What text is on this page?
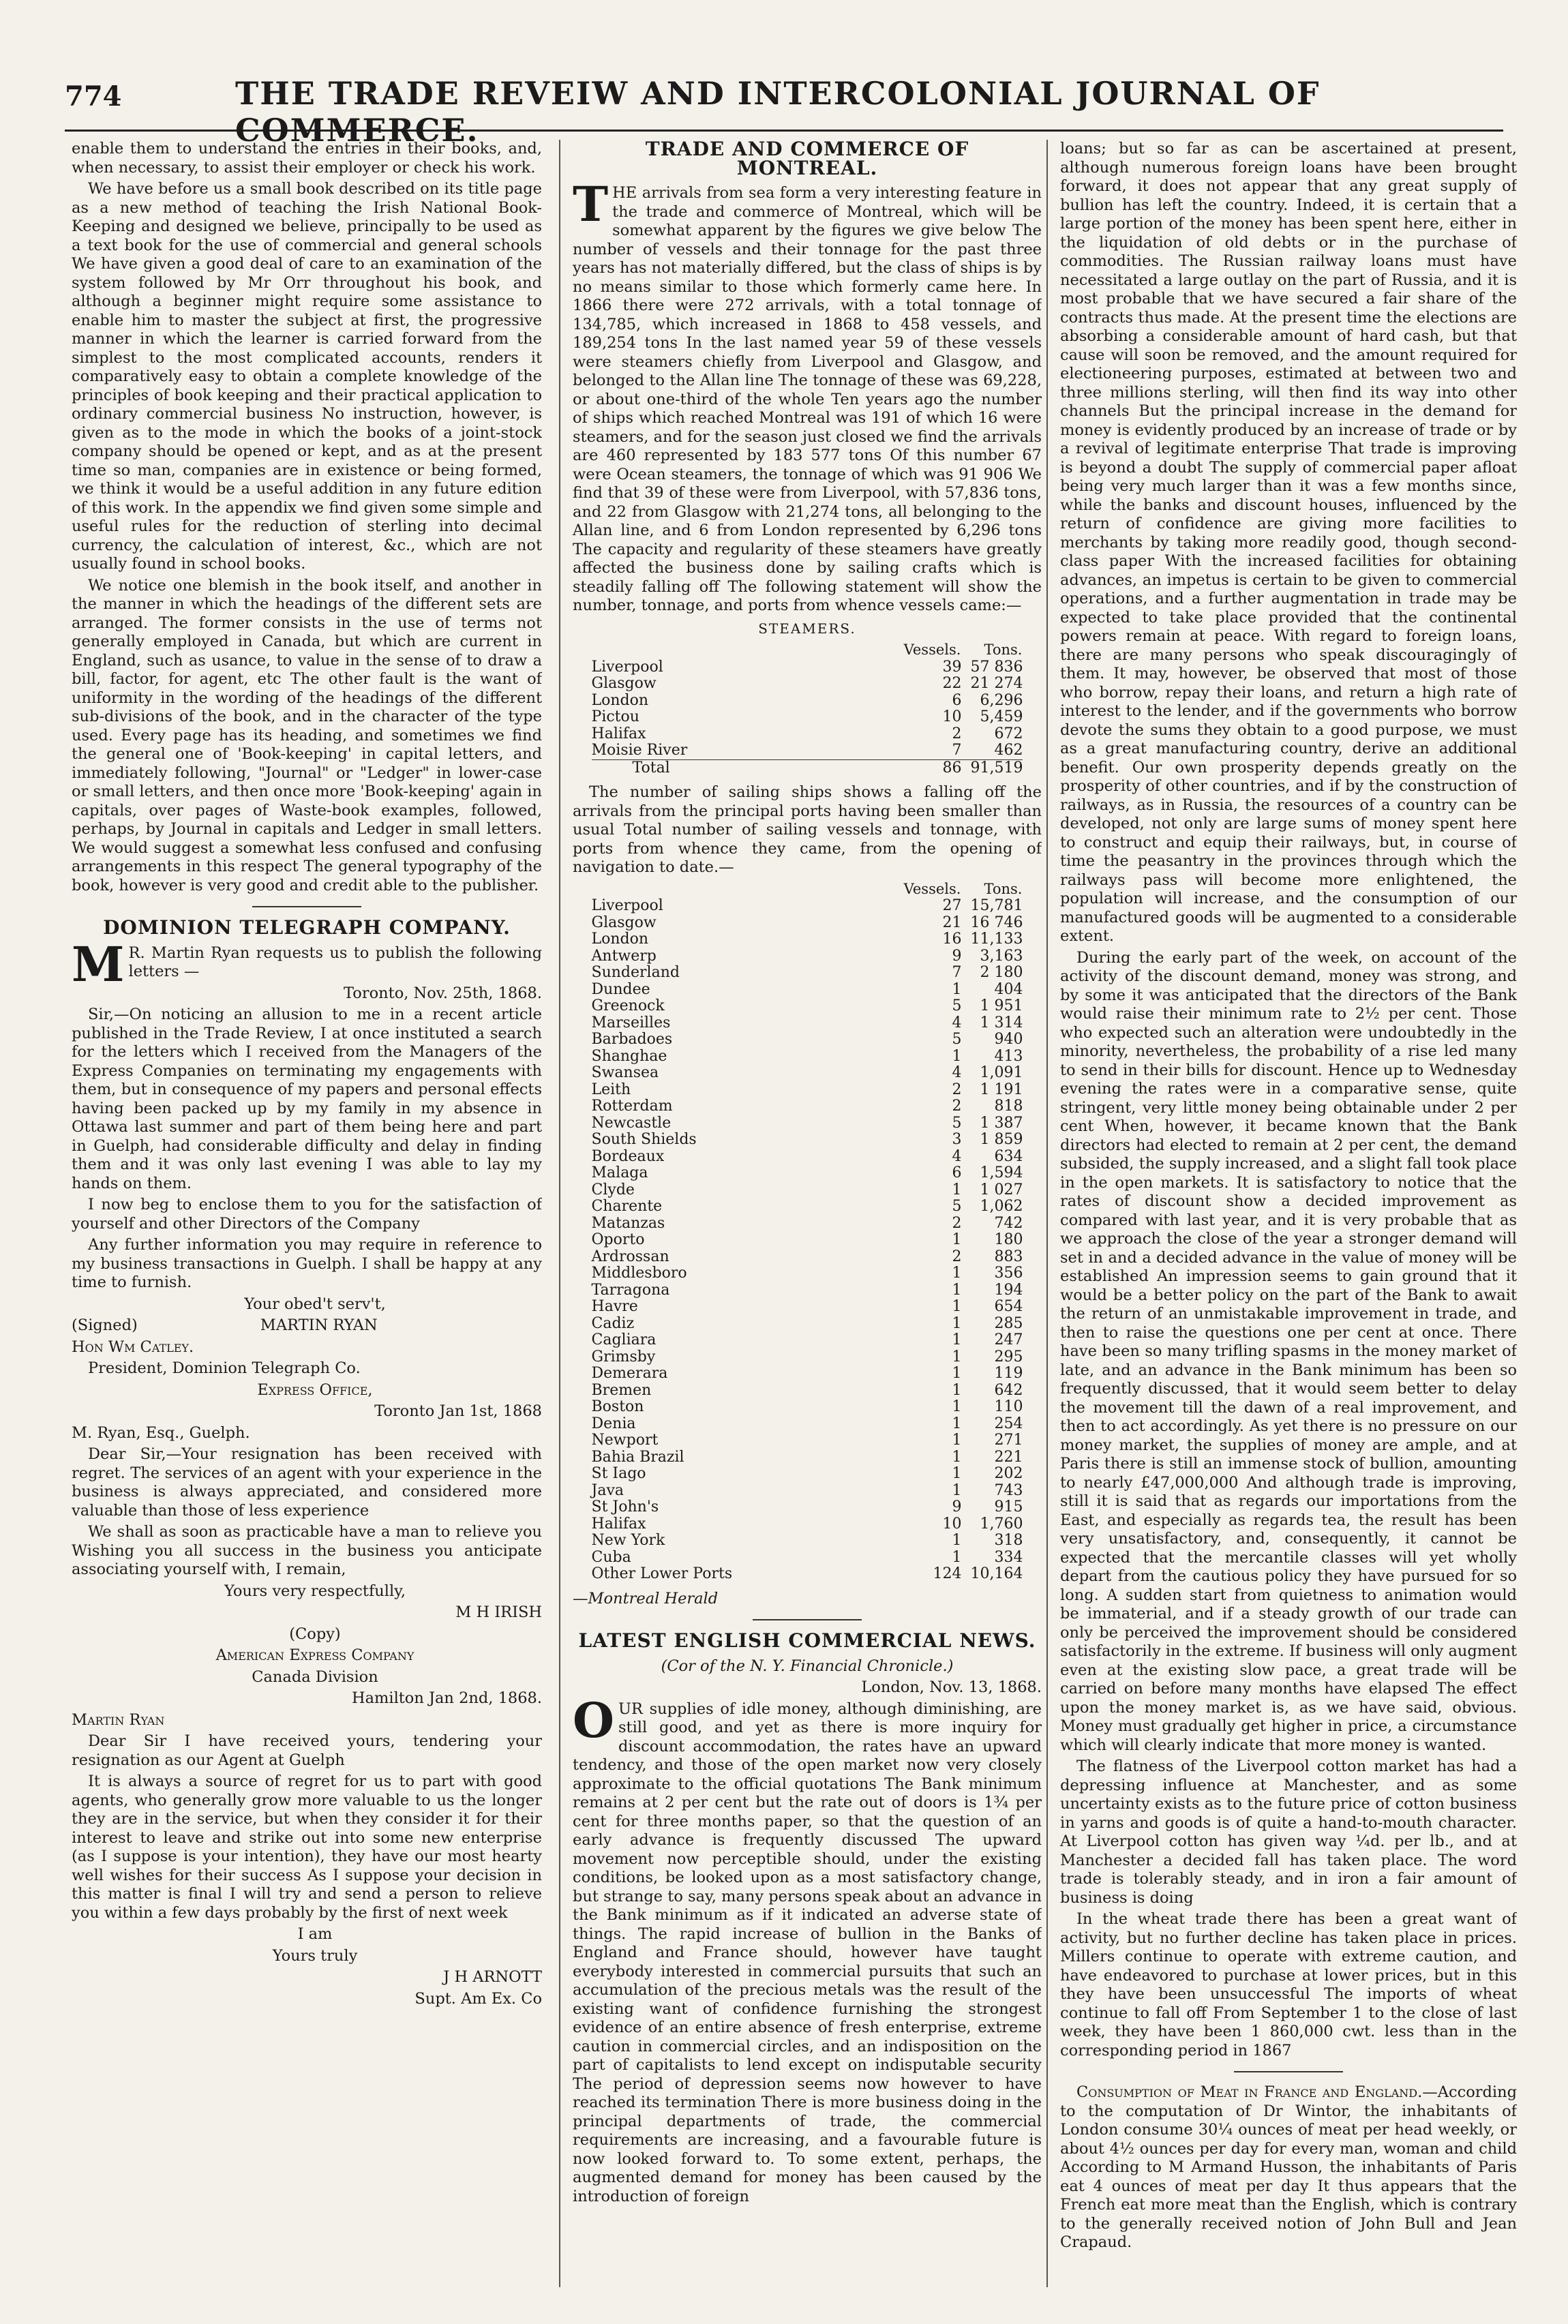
774	THE TRADE REVEIW AND INTERCOLONIAL JOURNAL OF COMMERCE.

enable them to understand the entries in their books, and, when necessary, to assist their employer or check his work.

We have before us a small book described on its title page as a new method of teaching the Irish National Book-Keeping and designed we believe, principally to be used as a text book for the use of commercial and general schools We have given a good deal of care to an examination of the system followed by Mr Orr throughout his book, and although a beginner might require some assistance to enable him to master the subject at first, the progressive manner in which the learner is carried forward from the simplest to the most complicated accounts, renders it comparatively easy to obtain a complete knowledge of the principles of book keeping and their practical application to ordinary commercial business No instruction, however, is given as to the mode in which the books of a joint-stock company should be opened or kept, and as at the present time so man, companies are in existence or being formed, we think it would be a useful addition in any future edition of this work. In the appendix we find given some simple and useful rules for the reduction of sterling into decimal currency, the calculation of interest, &c., which are not usually found in school books.

We notice one blemish in the book itself, and another in the manner in which the headings of the different sets are arranged. The former consists in the use of terms not generally employed in Canada, but which are current in England, such as usance, to value in the sense of to draw a bill, factor, for agent, etc The other fault is the want of uniformity in the wording of the headings of the different sub-divisions of the book, and in the character of the type used. Every page has its heading, and sometimes we find the general one of 'Book-keeping' in capital letters, and immediately following, "Journal" or "Ledger" in lower-case or small letters, and then once more 'Book-keeping' again in capitals, over pages of Waste-book examples, followed, perhaps, by Journal in capitals and Ledger in small letters. We would suggest a somewhat less confused and confusing arrangements in this respect The general typography of the book, however is very good and credit able to the publisher.

DOMINION TELEGRAPH COMPANY.

M R. Martin Ryan requests us to publish the following letters —

Toronto, Nov. 25th, 1868.

Sir,—On noticing an allusion to me in a recent article published in the Trade Review, I at once instituted a search for the letters which I received from the Managers of the Express Companies on terminating my engagements with them, but in consequence of my papers and personal effects having been packed up by my family in my absence in Ottawa last summer and part of them being here and part in Guelph, had considerable difficulty and delay in finding them and it was only last evening I was able to lay my hands on them.

I now beg to enclose them to you for the satisfaction of yourself and other Directors of the Company

Any further information you may require in reference to my business transactions in Guelph. I shall be happy at any time to furnish.

Your obed't serv't,

(Signed)	MARTIN RYAN

Hon Wm Catley.

President, Dominion Telegraph Co.

Express Office,

Toronto Jan 1st, 1868

M. Ryan, Esq., Guelph.

Dear Sir,—Your resignation has been received with regret. The services of an agent with your experience in the business is always appreciated, and considered more valuable than those of less experience

We shall as soon as practicable have a man to relieve you Wishing you all success in the business you anticipate associating yourself with, I remain,

Yours very respectfully,

M H IRISH

(Copy)

American Express Company

Canada Division

Hamilton Jan 2nd, 1868.

Martin Ryan

Dear Sir I have received yours, tendering your resignation as our Agent at Guelph

It is always a source of regret for us to part with good agents, who generally grow more valuable to us the longer they are in the service, but when they consider it for their interest to leave and strike out into some new enterprise (as I suppose is your intention), they have our most hearty well wishes for their success As I suppose your decision in this matter is final I will try and send a person to relieve you within a few days probably by the first of next week

I am

Yours truly

J H ARNOTT

Supt. Am Ex. Co

TRADE AND COMMERCE OF MONTREAL.

THE arrivals from sea form a very interesting feature in the trade and commerce of Montreal, which will be somewhat apparent by the figures we give below The number of vessels and their tonnage for the past three years has not materially differed, but the class of ships is by no means similar to those which formerly came here. In 1866 there were 272 arrivals, with a total tonnage of 134,785, which increased in 1868 to 458 vessels, and 189,254 tons In the last named year 59 of these vessels were steamers chiefly from Liverpool and Glasgow, and belonged to the Allan line The tonnage of these was 69,228, or about one-third of the whole Ten years ago the number of ships which reached Montreal was 191 of which 16 were steamers, and for the season just closed we find the arrivals are 460 represented by 183 577 tons Of this number 67 were Ocean steamers, the tonnage of which was 91 906 We find that 39 of these were from Liverpool, with 57,836 tons, and 22 from Glasgow with 21,274 tons, all belonging to the Allan line, and 6 from London represented by 6,296 tons The capacity and regularity of these steamers have greatly affected the business done by sailing crafts which is steadily falling off The following statement will show the number, tonnage, and ports from whence vessels came:—

STEAMERS.
	Vessels.	Tons.
Liverpool	39	57 836
Glasgow	22	21 274
London	6	6,296
Pictou	10	5,459
Halifax	2	672
Moisie River	7	462
Total	86	91,519

The number of sailing ships shows a falling off the arrivals from the principal ports having been smaller than usual Total number of sailing vessels and tonnage, with ports from whence they came, from the opening of navigation to date.—

	Vessels.	Tons.
Liverpool	27	15,781
Glasgow	21	16 746
London	16	11,133
Antwerp	9	3,163
Sunderland	7	2 180
Dundee	1	404
Greenock	5	1 951
Marseilles	4	1 314
Barbadoes	5	940
Shanghae	1	413
Swansea	4	1,091
Leith	2	1 191
Rotterdam	2	818
Newcastle	5	1 387
South Shields	3	1 859
Bordeaux	4	634
Malaga	6	1,594
Clyde	1	1 027
Charente	5	1,062
Matanzas	2	742
Oporto	1	180
Ardrossan	2	883
Middlesboro	1	356
Tarragona	1	194
Havre	1	654
Cadiz	1	285
Cagliara	1	247
Grimsby	1	295
Demerara	1	119
Bremen	1	642
Boston	1	110
Denia	1	254
Newport	1	271
Bahia Brazil	1	221
St Iago	1	202
Java	1	743
St John's	9	915
Halifax	10	1,760
New York	1	318
Cuba	1	334
Other Lower Ports	124	10,164

—Montreal Herald

LATEST ENGLISH COMMERCIAL NEWS.
(Cor of the N. Y. Financial Chronicle.)

London, Nov. 13, 1868.

OUR supplies of idle money, although diminishing, are still good, and yet as there is more inquiry for discount accommodation, the rates have an upward tendency, and those of the open market now very closely approximate to the official quotations The Bank minimum remains at 2 per cent but the rate out of doors is 1¾ per cent for three months paper, so that the question of an early advance is frequently discussed The upward movement now perceptible should, under the existing conditions, be looked upon as a most satisfactory change, but strange to say, many persons speak about an advance in the Bank minimum as if it indicated an adverse state of things. The rapid increase of bullion in the Banks of England and France should, however have taught everybody interested in commercial pursuits that such an accumulation of the precious metals was the result of the existing want of confidence furnishing the strongest evidence of an entire absence of fresh enterprise, extreme caution in commercial circles, and an indisposition on the part of capitalists to lend except on indisputable security The period of depression seems now however to have reached its termination There is more business doing in the principal departments of trade, the commercial requirements are increasing, and a favourable future is now looked forward to. To some extent, perhaps, the augmented demand for money has been caused by the introduction of foreign

loans; but so far as can be ascertained at present, although numerous foreign loans have been brought forward, it does not appear that any great supply of bullion has left the country. Indeed, it is certain that a large portion of the money has been spent here, either in the liquidation of old debts or in the purchase of commodities. The Russian railway loans must have necessitated a large outlay on the part of Russia, and it is most probable that we have secured a fair share of the contracts thus made. At the present time the elections are absorbing a considerable amount of hard cash, but that cause will soon be removed, and the amount required for electioneering purposes, estimated at between two and three millions sterling, will then find its way into other channels But the principal increase in the demand for money is evidently produced by an increase of trade or by a revival of legitimate enterprise That trade is improving is beyond a doubt The supply of commercial paper afloat being very much larger than it was a few months since, while the banks and discount houses, influenced by the return of confidence are giving more facilities to merchants by taking more readily good, though second-class paper With the increased facilities for obtaining advances, an impetus is certain to be given to commercial operations, and a further augmentation in trade may be expected to take place provided that the continental powers remain at peace. With regard to foreign loans, there are many persons who speak discouragingly of them. It may, however, be observed that most of those who borrow, repay their loans, and return a high rate of interest to the lender, and if the governments who borrow devote the sums they obtain to a good purpose, we must as a great manufacturing country, derive an additional benefit. Our own prosperity depends greatly on the prosperity of other countries, and if by the construction of railways, as in Russia, the resources of a country can be developed, not only are large sums of money spent here to construct and equip their railways, but, in course of time the peasantry in the provinces through which the railways pass will become more enlightened, the population will increase, and the consumption of our manufactured goods will be augmented to a considerable extent.

During the early part of the week, on account of the activity of the discount demand, money was strong, and by some it was anticipated that the directors of the Bank would raise their minimum rate to 2½ per cent. Those who expected such an alteration were undoubtedly in the minority, nevertheless, the probability of a rise led many to send in their bills for discount. Hence up to Wednesday evening the rates were in a comparative sense, quite stringent, very little money being obtainable under 2 per cent When, however, it became known that the Bank directors had elected to remain at 2 per cent, the demand subsided, the supply increased, and a slight fall took place in the open markets. It is satisfactory to notice that the rates of discount show a decided improvement as compared with last year, and it is very probable that as we approach the close of the year a stronger demand will set in and a decided advance in the value of money will be established An impression seems to gain ground that it would be a better policy on the part of the Bank to await the return of an unmistakable improvement in trade, and then to raise the questions one per cent at once. There have been so many trifling spasms in the money market of late, and an advance in the Bank minimum has been so frequently discussed, that it would seem better to delay the movement till the dawn of a real improvement, and then to act accordingly. As yet there is no pressure on our money market, the supplies of money are ample, and at Paris there is still an immense stock of bullion, amounting to nearly £47,000,000 And although trade is improving, still it is said that as regards our importations from the East, and especially as regards tea, the result has been very unsatisfactory, and, consequently, it cannot be expected that the mercantile classes will yet wholly depart from the cautious policy they have pursued for so long. A sudden start from quietness to animation would be immaterial, and if a steady growth of our trade can only be perceived the improvement should be considered satisfactorily in the extreme. If business will only augment even at the existing slow pace, a great trade will be carried on before many months have elapsed The effect upon the money market is, as we have said, obvious. Money must gradually get higher in price, a circumstance which will clearly indicate that more money is wanted.

The flatness of the Liverpool cotton market has had a depressing influence at Manchester, and as some uncertainty exists as to the future price of cotton business in yarns and goods is of quite a hand-to-mouth character. At Liverpool cotton has given way ¼d. per lb., and at Manchester a decided fall has taken place. The word trade is tolerably steady, and in iron a fair amount of business is doing

In the wheat trade there has been a great want of activity, but no further decline has taken place in prices. Millers continue to operate with extreme caution, and have endeavored to purchase at lower prices, but in this they have been unsuccessful The imports of wheat continue to fall off From September 1 to the close of last week, they have been 1 860,000 cwt. less than in the corresponding period in 1867

Consumption of Meat in France and England.—According to the computation of Dr Wintor, the inhabitants of London consume 30¼ ounces of meat per head weekly, or about 4½ ounces per day for every man, woman and child According to M Armand Husson, the inhabitants of Paris eat 4 ounces of meat per day It thus appears that the French eat more meat than the English, which is contrary to the generally received notion of John Bull and Jean Crapaud.
